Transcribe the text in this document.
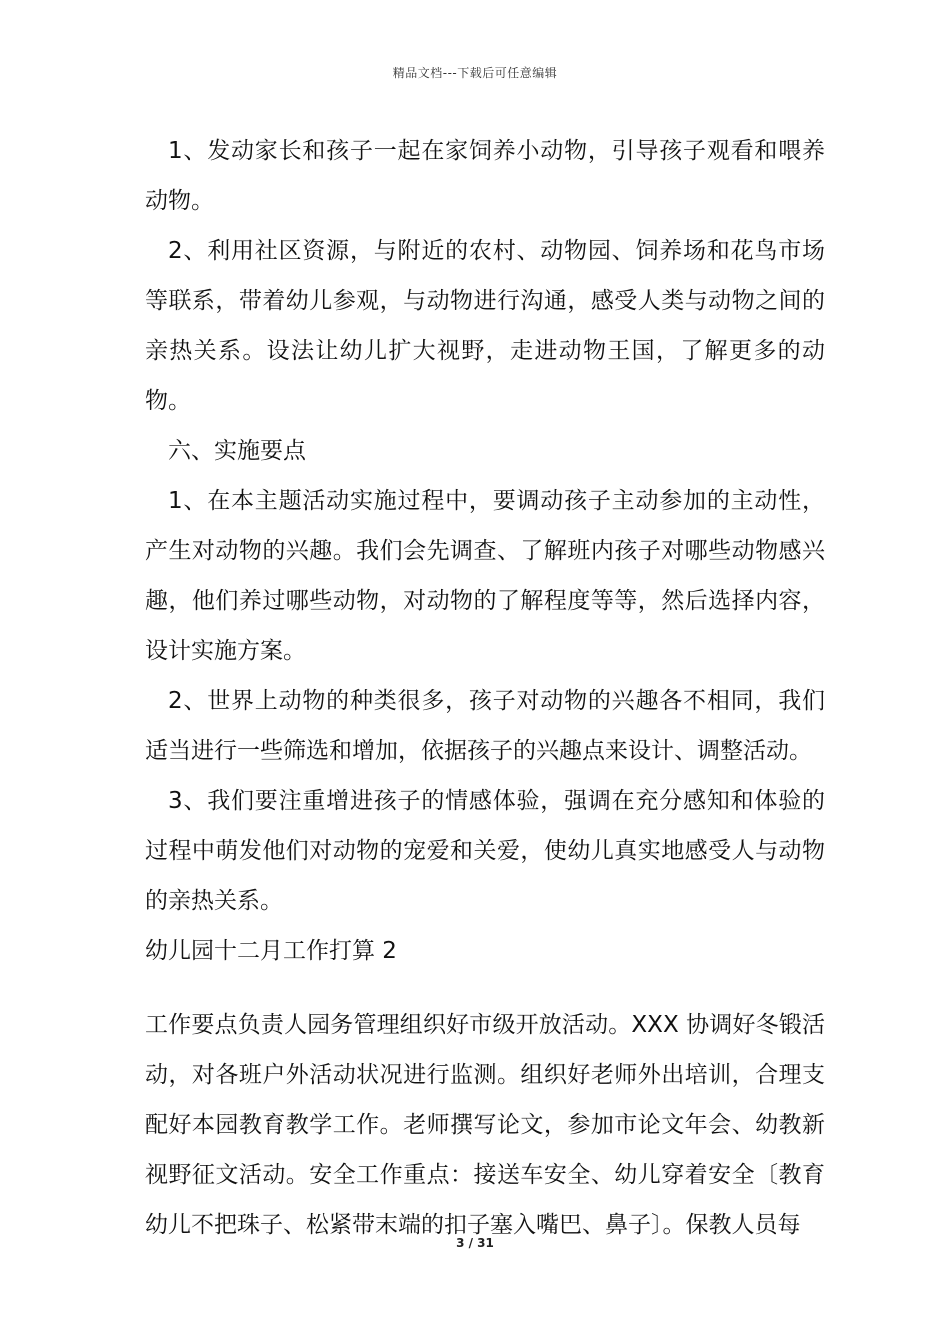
精品文档---下载后可任意编辑

1、发动家长和孩子一起在家饲养小动物，引导孩子观看和喂养动物。

2、利用社区资源，与附近的农村、动物园、饲养场和花鸟市场等联系，带着幼儿参观，与动物进行沟通，感受人类与动物之间的亲热关系。设法让幼儿扩大视野，走进动物王国，了解更多的动物。

六、实施要点

1、在本主题活动实施过程中，要调动孩子主动参加的主动性，产生对动物的兴趣。我们会先调查、了解班内孩子对哪些动物感兴趣，他们养过哪些动物，对动物的了解程度等等，然后选择内容，设计实施方案。

2、世界上动物的种类很多，孩子对动物的兴趣各不相同，我们适当进行一些筛选和增加，依据孩子的兴趣点来设计、调整活动。

3、我们要注重增进孩子的情感体验，强调在充分感知和体验的过程中萌发他们对动物的宠爱和关爱，使幼儿真实地感受人与动物的亲热关系。

幼儿园十二月工作打算 2

工作要点负责人园务管理组织好市级开放活动。XXX 协调好冬锻活动，对各班户外活动状况进行监测。组织好老师外出培训，合理支配好本园教育教学工作。老师撰写论文，参加市论文年会、幼教新视野征文活动。安全工作重点：接送车安全、幼儿穿着安全〔教育幼儿不把珠子、松紧带末端的扣子塞入嘴巴、鼻子〕。保教人员每

3 / 31
